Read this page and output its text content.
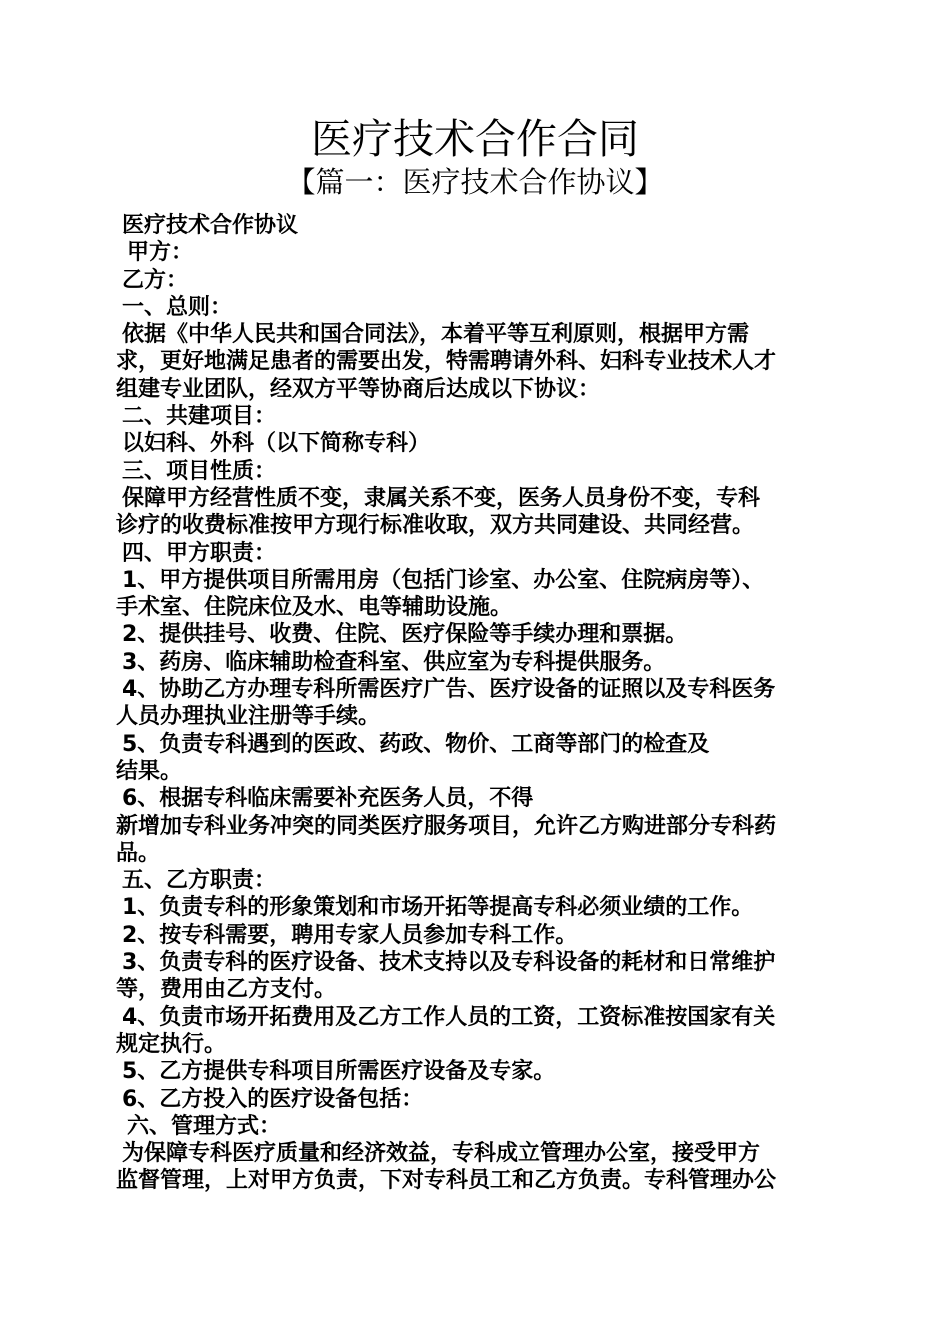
医疗技术合作合同
【篇一：医疗技术合作协议】
医疗技术合作协议
甲方：
乙方：
一、总则：
依据《中华人民共和国合同法》，本着平等互利原则，根据甲方需
求，更好地满足患者的需要出发，特需聘请外科、妇科专业技术人才
组建专业团队，经双方平等协商后达成以下协议：
二、共建项目：
以妇科、外科（以下简称专科）
三、项目性质：
保障甲方经营性质不变，隶属关系不变，医务人员身份不变，专科
诊疗的收费标准按甲方现行标准收取，双方共同建设、共同经营。
四、甲方职责：
1、甲方提供项目所需用房（包括门诊室、办公室、住院病房等）、
手术室、住院床位及水、电等辅助设施。
2、提供挂号、收费、住院、医疗保险等手续办理和票据。
3、药房、临床辅助检查科室、供应室为专科提供服务。
4、协助乙方办理专科所需医疗广告、医疗设备的证照以及专科医务
人员办理执业注册等手续。
5、负责专科遇到的医政、药政、物价、工商等部门的检查及
结果。
6、根据专科临床需要补充医务人员，不得
新增加专科业务冲突的同类医疗服务项目，允许乙方购进部分专科药
品。
五、乙方职责：
1、负责专科的形象策划和市场开拓等提高专科必须业绩的工作。
2、按专科需要，聘用专家人员参加专科工作。
3、负责专科的医疗设备、技术支持以及专科设备的耗材和日常维护
等，费用由乙方支付。
4、负责市场开拓费用及乙方工作人员的工资，工资标准按国家有关
规定执行。
5、乙方提供专科项目所需医疗设备及专家。
6、乙方投入的医疗设备包括：
六、管理方式：
为保障专科医疗质量和经济效益，专科成立管理办公室，接受甲方
监督管理，上对甲方负责，下对专科员工和乙方负责。专科管理办公
